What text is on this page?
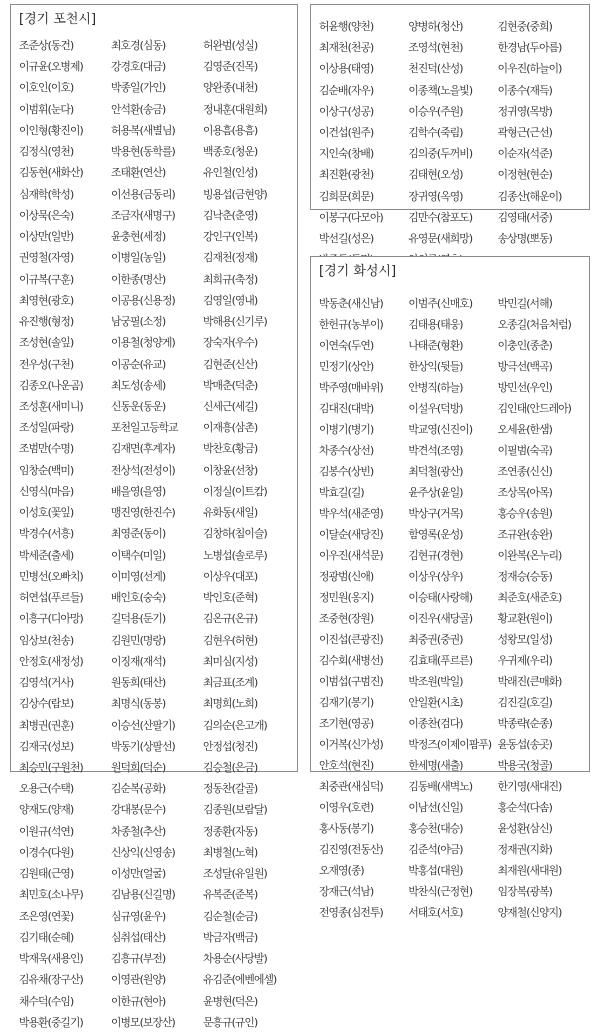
[경기 포천시]
조준상(동건)	최호경(심동)	허완범(성실)
이규윤(오병제)	강경호(대금)	김영준(진목)
이호인(이호)	박종일(가인)	양완종(내천)
이범휘(눈다)	안석환(송금)	정내훈(대원희)
이인형(황진이)	허용복(새별님)	이용흠(용흠)
김정식(영천)	박용현(동학를)	백종호(청운)
김동현(새화산)	조태환(연산)	유인철(인성)
심재학(학성)	이선용(금동리)	빙용섭(금현양)
이상묵(은숙)	조금자(새명구)	김낙춘(춘영)
이상만(일반)	윤충현(세정)	강인구(인복)
권영철(자영)	이병일(농일)	김재천(정재)
이규복(구훈)	이한종(명산)	최희규(축정)
최영현(광호)	이공용(신용정)	김영일(영내)
유진행(형정)	남궁필(소정)	박해용(신기루)
조성현(솔잎)	이용철(청양게)	장숙자(우수)
전우성(구천)	이공순(유교)	김현준(신산)
김종오(나운곰)	최도성(송세)	박매춘(덕춘)
조성훈(새미니)	신동운(동운)	신세근(세길)
조성일(파랑)	포천일고등학교	이재흥(삼촌)
조범만(수명)	김재면(후계자)	박찬호(황금)
임창순(백미)	전상석(전성이)	이창윤(선창)
신영식(마음)	배을영(을영)	이정실(이트캄)
이성호(꽃잎)	맹진영(한진수)	유화동(새일)
박경수(서흥)	최영준(동이)	김창하(침이슬)
박세준(출세)	이택수(미일)	노병섭(솔로루)
민병선(오빠치)	이미영(선게)	이상우(대포)
허연섭(푸르들)	배인호(숭숙)	박인호(준혁)
이흥구(디아망)	길덕용(둔기)	김온규(온규)
임상보(천송)	김원민(명랑)	김현우(허현)
안정호(새정성)	이징재(재석)	최미심(지성)
김영석(거사)	원동희(태산)	최금표(조계)
김상수(람보)	최명식(동봉)	최명희(노희)
최병권(권훈)	이승선(산팔기)	김의순(은고개)
김재국(성보)	박동기(상팔선)	안정섭(청진)
최승민(구원천)	원덕희(덕순)	김승철(은금)
오용근(수택)	김순복(공화)	정동찬(갈골)
양재도(양재)	강대봉(문수)	김종원(보람달)
이원규(석연)	차종철(추산)	정종환(자동)
이경수(다원)	신상익(신영송)	최병철(노혁)
김원태(근영)	이성만(얼굴)	조성달(유일원)
최민호(소나무)	김남용(신길명)	유복준(준복)
조은영(연꽃)	심규영(윤우)	김순철(순금)
김기태(순혜)	심취섭(태산)	박금자(백금)
박재욱(새용인)	김흥규(부전)	차용순(사당발)
김유채(장구산)	이영관(원양)	유김준(에벤에셀)
채수덕(수임)	이한규(현아)	윤병현(덕은)
박용환(중길기)	이병모(보장산)	문흥규(규인)
허윤행(양천)	양병하(청산)	김현중(중희)
최재천(천공)	조영석(현천)	한경남(두아름)
이상용(태영)	천진덕(산성)	이우진(하늘이)
김순배(자우)	이종책(노을빛)	이종수(재득)
이상구(성공)	이승우(주원)	정귀영(목방)
이건섭(원주)	김학수(죽림)	곽형근(근선)
지인숙(창배)	김의중(두꺼비)	이순자(석준)
최진환(광천)	김태현(오성)	이정현(현순)
김희문(희문)	장귀영(옥영)	김종산(해운이)
이봉구(다모아)	김만수(참포도)	김영태(서중)
박선길(성은)	유영문(새희망)	송상명(뽀동)
[경기 화성시]
박동춘(새신남)	이범주(신매호)	박민길(서해)
한헌규(농부이)	김태용(태웅)	오종길(처음처럼)
이연숙(두연)	나태준(형환)	이충인(종춘)
민정기(상안)	한상익(뒷들)	방극선(백곡)
박주영(매바위)	안병직(하늘)	방민선(우인)
김대진(대박)	이설우(덕방)	김인태(안드레아)
이병기(병기)	박교영(신진이)	오세윤(한샘)
차종수(상선)	박견석(조영)	이필범(숙곡)
김봉수(상빈)	최덕철(광산)	조연종(신신)
박효길(길)	윤주상(윤일)	조상목(아목)
박우석(새준영)	박상구(거목)	홍승우(송원)
이달순(새당진)	함영록(운성)	조규완(송완)
이우진(새석문)	김현규(경현)	이완복(온누리)
정광범(신애)	이상우(상우)	정재승(승동)
정민원(옹지)	이승태(사랑해)	최준호(새준호)
조중현(장원)	이진우(새당골)	황교환(원이)
이진섭(큰광진)	최중권(중권)	성왕모(일성)
김수회(새병선)	김효태(푸르른)	우귀제(우리)
이범섭(구범진)	박조원(박일)	박래진(큰매화)
김재기(봉기)	안일환(시초)	김진길(호길)
조기현(영공)	이종찬(검다)	박종략(순종)
이거복(신가성)	박정즈(이제이팜푸) 윤동섭(송곳)
안호석(현진)	한세명(새출)	박용국(청골)
최중관(새심덕)	김동배(새벽노)	한기영(새대진)
이영우(호련)	이남선(신일)	홍순석(다솜)
홍사동(봉기)	홍승천(대승)	윤성환(삼신)
김진영(전동산)	김준석(야금)	정재권(지화)
오재영(종)	박홍섭(대원)	최재원(새대원)
장재근(석남)	박찬식(근정현)	임장복(광복)
전영종(심전투)	서태호(서호)	양재철(신양지)
